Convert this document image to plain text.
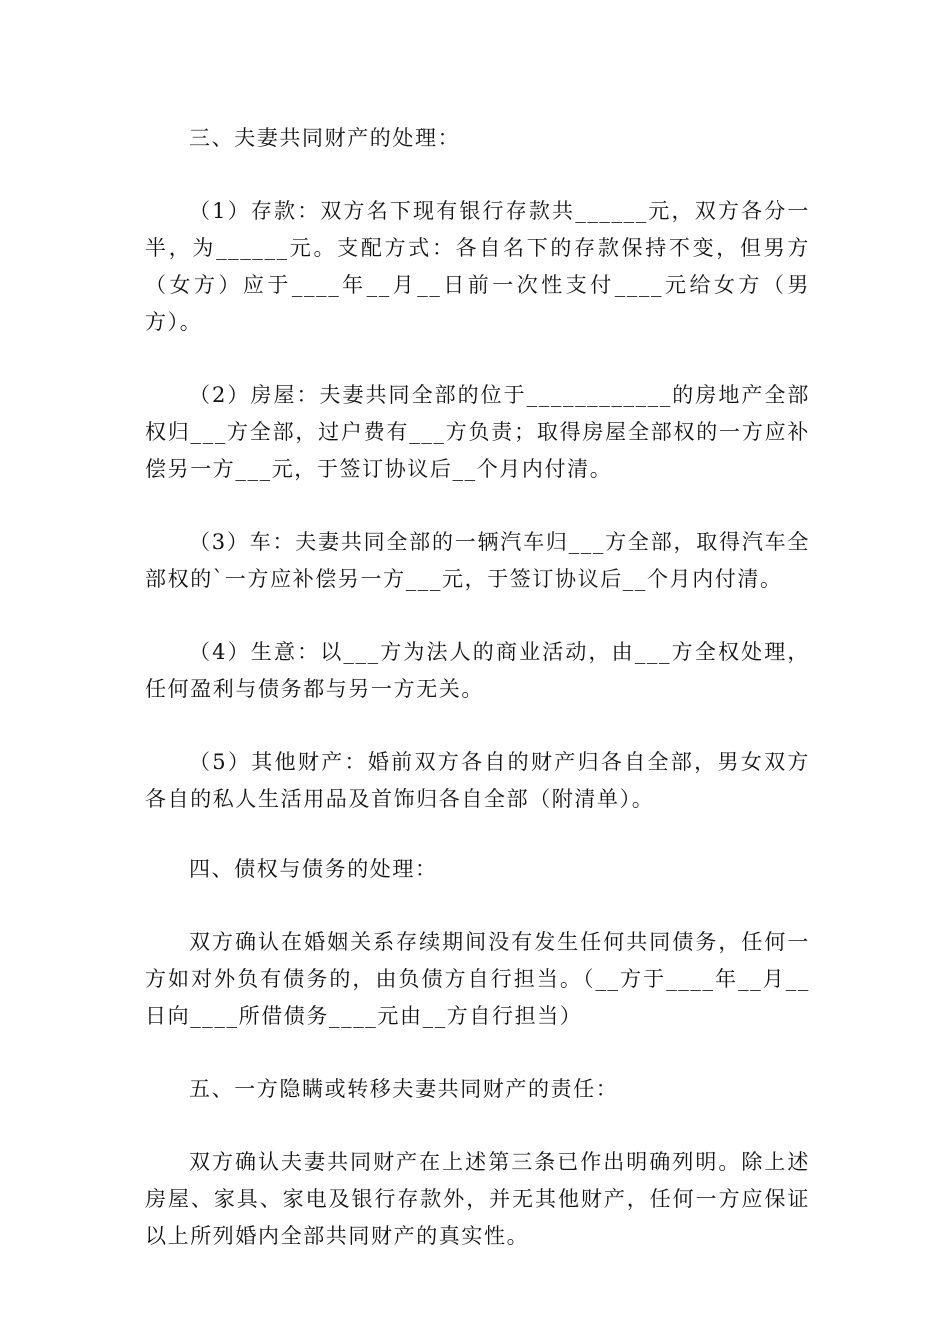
三、夫妻共同财产的处理：

（1）存款：双方名下现有银行存款共______元，双方各分一半，为______元。支配方式：各自名下的存款保持不变，但男方（女方）应于____年__月__日前一次性支付____元给女方（男方）。

（2）房屋：夫妻共同全部的位于____________的房地产全部权归___方全部，过户费有___方负责；取得房屋全部权的一方应补偿另一方___元，于签订协议后__个月内付清。

（3）车：夫妻共同全部的一辆汽车归___方全部，取得汽车全部权的`一方应补偿另一方___元，于签订协议后__个月内付清。

（4）生意：以___方为法人的商业活动，由___方全权处理，任何盈利与债务都与另一方无关。

（5）其他财产：婚前双方各自的财产归各自全部，男女双方各自的私人生活用品及首饰归各自全部（附清单）。

四、债权与债务的处理：

双方确认在婚姻关系存续期间没有发生任何共同债务，任何一方如对外负有债务的，由负债方自行担当。（__方于____年__月__日向____所借债务____元由__方自行担当）

五、一方隐瞒或转移夫妻共同财产的责任：

双方确认夫妻共同财产在上述第三条已作出明确列明。除上述房屋、家具、家电及银行存款外，并无其他财产，任何一方应保证以上所列婚内全部共同财产的真实性。
